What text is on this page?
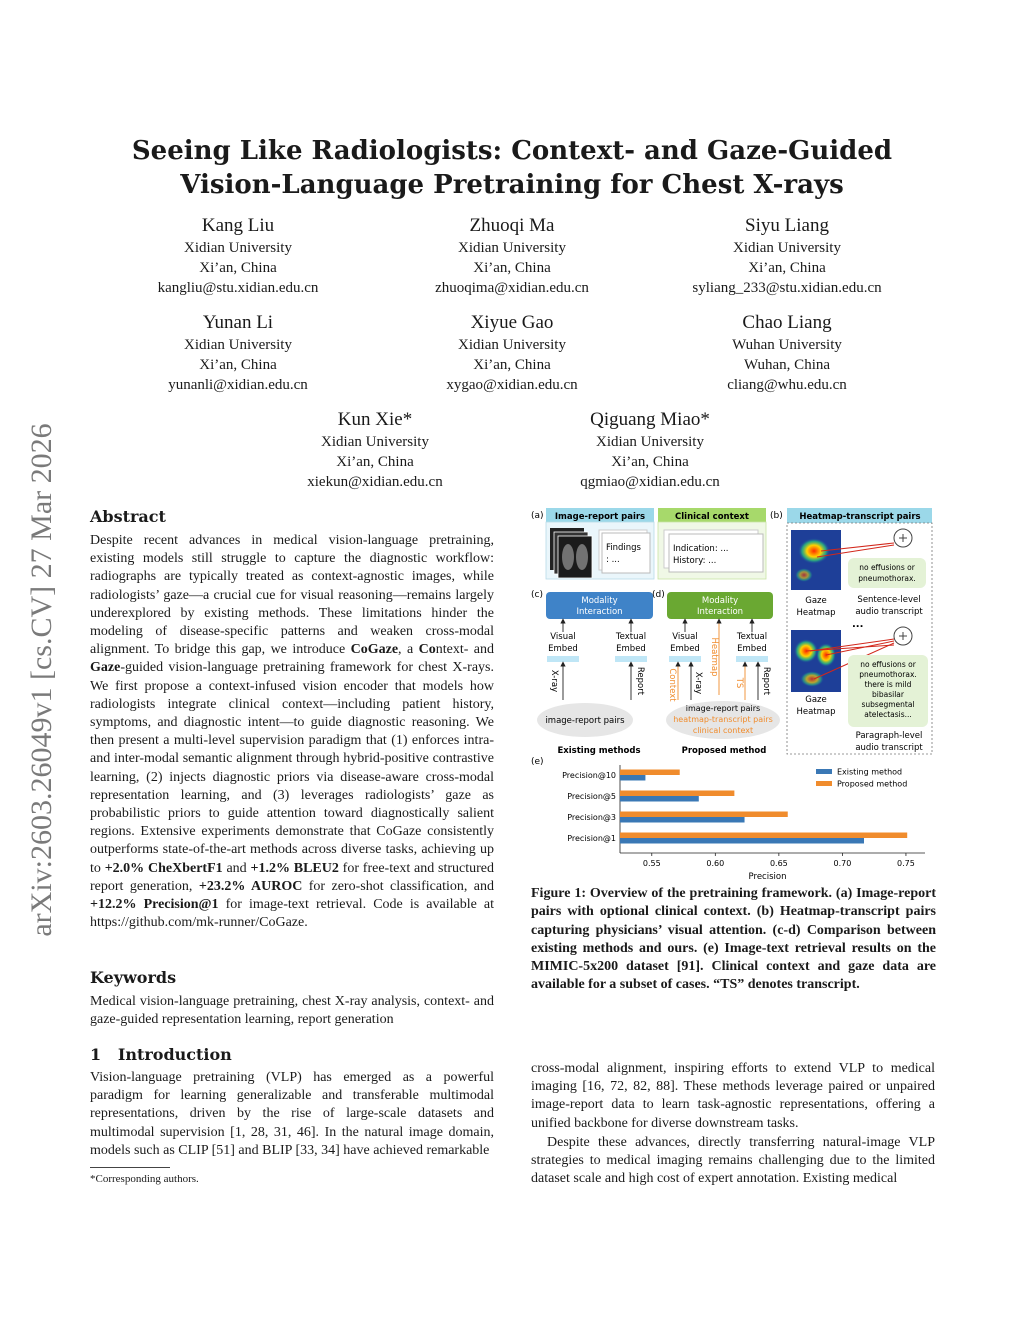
arXiv:2603.26049v1 [cs.CV] 27 Mar 2026
Seeing Like Radiologists: Context- and Gaze-Guided
Vision-Language Pretraining for Chest X-rays
Kang Liu
Xidian University
Xi’an, China
kangliu@stu.xidian.edu.cn
Zhuoqi Ma
Xidian University
Xi’an, China
zhuoqima@xidian.edu.cn
Siyu Liang
Xidian University
Xi’an, China
syliang_233@stu.xidian.edu.cn
Yunan Li
Xidian University
Xi’an, China
yunanli@xidian.edu.cn
Xiyue Gao
Xidian University
Xi’an, China
xygao@xidian.edu.cn
Chao Liang
Wuhan University
Wuhan, China
cliang@whu.edu.cn
Kun Xie*
Xidian University
Xi’an, China
xiekun@xidian.edu.cn
Qiguang Miao*
Xidian University
Xi’an, China
qgmiao@xidian.edu.cn
Abstract
Despite recent advances in medical vision-language pretraining, existing models still struggle to capture the diagnostic workflow: radiographs are typically treated as context-agnostic images, while radiologists’ gaze—a crucial cue for visual reasoning—remains largely underexplored by existing methods. These limitations hinder the modeling of disease-specific patterns and weaken cross-modal alignment. To bridge this gap, we introduce CoGaze, a Context- and Gaze-guided vision-language pretraining framework for chest X-rays. We first propose a context-infused vision encoder that models how radiologists integrate clinical context—including patient history, symptoms, and diagnostic intent—to guide diagnostic reasoning. We then present a multi-level supervision paradigm that (1) enforces intra- and inter-modal semantic alignment through hybrid-positive contrastive learning, (2) injects diagnostic priors via disease-aware cross-modal representation learning, and (3) leverages radiologists’ gaze as probabilistic priors to guide attention toward diagnostically salient regions. Extensive experiments demonstrate that CoGaze consistently outperforms state-of-the-art methods across diverse tasks, achieving up to +2.0% CheXbertF1 and +1.2% BLEU2 for free-text and structured report generation, +23.2% AUROC for zero-shot classification, and +12.2% Precision@1 for image-text retrieval. Code is available at https://github.com/mk-runner/CoGaze.
Keywords
Medical vision-language pretraining, chest X-ray analysis, context- and gaze-guided representation learning, report generation
1 Introduction
Vision-language pretraining (VLP) has emerged as a powerful paradigm for learning generalizable and transferable multimodal representations, driven by the rise of large-scale datasets and multimodal supervision [1, 28, 31, 46]. In the natural image domain, models such as CLIP [51] and BLIP [33, 34] have achieved remarkable
*Corresponding authors.
cross-modal alignment, inspiring efforts to extend VLP to medical imaging [16, 72, 82, 88]. These methods leverage paired or unpaired image-report data to learn task-agnostic representations, offering a unified backbone for diverse downstream tasks.
Despite these advances, directly transferring natural-image VLP strategies to medical imaging remains challenging due to the limited dataset scale and high cost of expert annotation. Existing medical
Figure 1: Overview of the pretraining framework. (a) Image-report pairs with optional clinical context. (b) Heatmap-transcript pairs capturing physicians’ visual attention. (c-d) Comparison between existing methods and ours. (e) Image-text retrieval results on the MIMIC-5x200 dataset [91]. Clinical context and gaze data are available for a subset of cases. “TS” denotes transcript.
(a) Image-report pairs
Findings
: ...
Clinical context
Indication: ...
History: ...
(b) Heatmap-transcript pairs
Gaze
Heatmap
no effusions or
pneumothorax.
Sentence-level
audio transcript
...
Gaze
Heatmap
no effusions or
pneumothorax.
there is mild
bibasilar
subsegmental
atelectasis...
Paragraph-level
audio transcript
(c)
Modality
Interaction
Visual
Embed
Textual
Embed
X-ray	Report
image-report pairs
(d)
Modality
Interaction
Heatmap
Visual
Embed
Textual
Embed
Context X-ray	TS Report
image-report pairs
heatmap-transcript pairs
clinical context
Existing methods	Proposed method
(e)
Precision@10
Precision@5
Precision@3
Precision@1
0.55	0.60	0.65	0.70	0.75
Precision
Existing method
Proposed method
